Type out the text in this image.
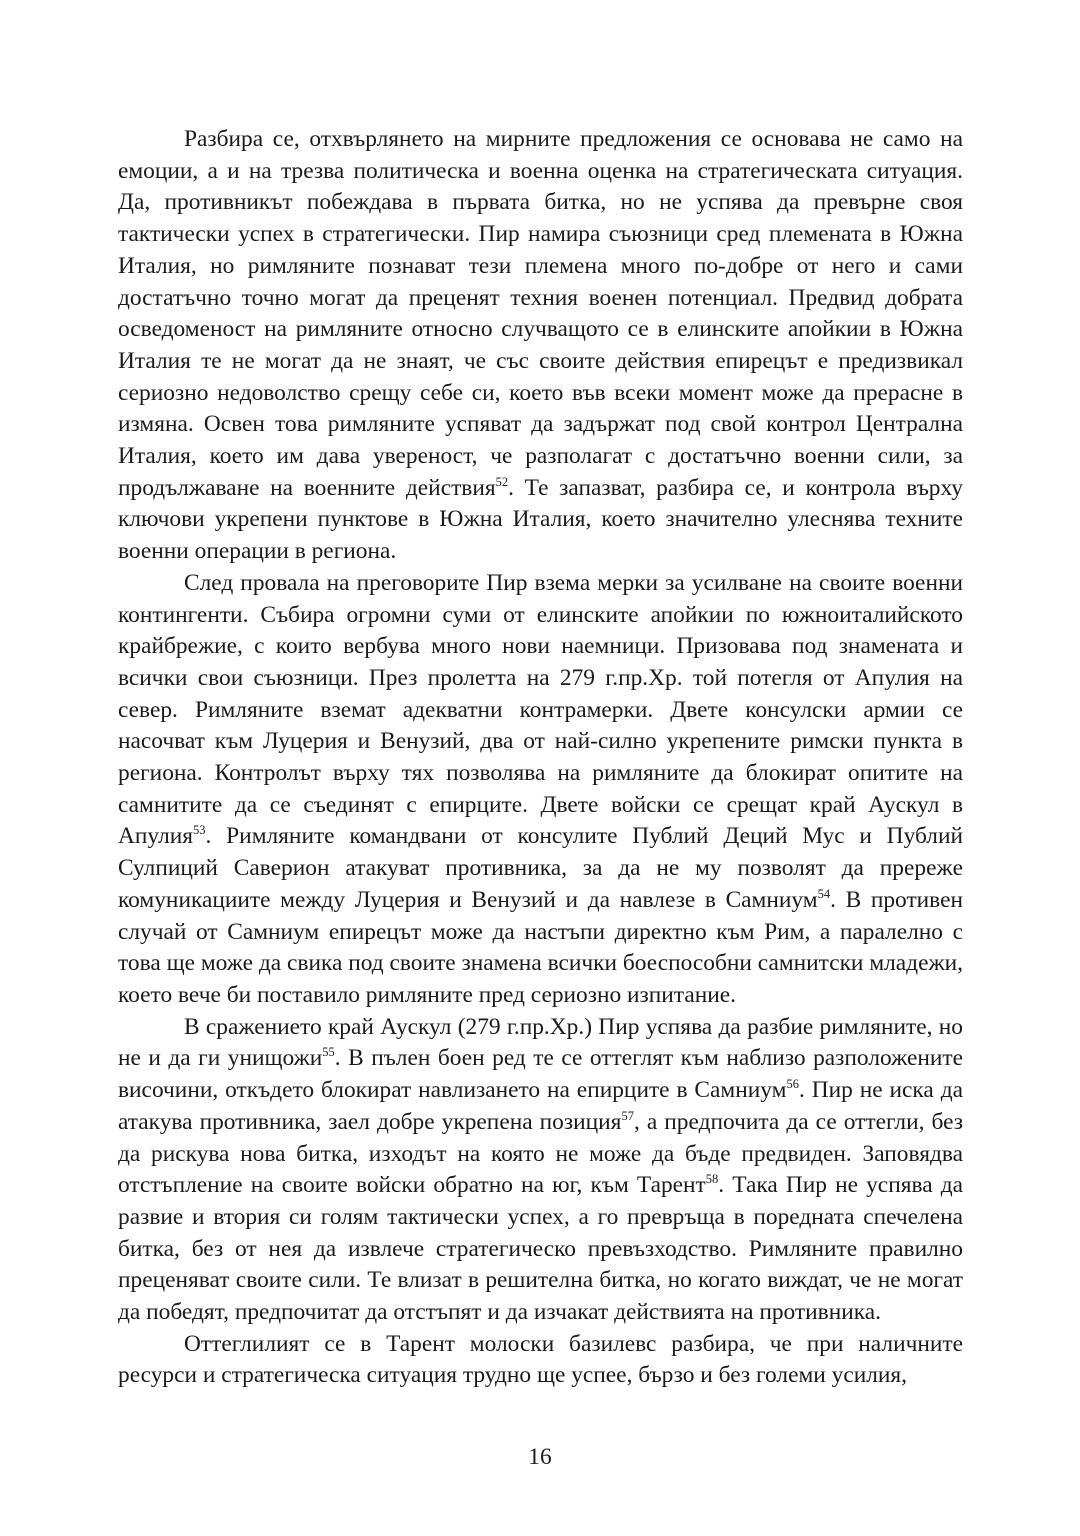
Разбира се, отхвърлянето на мирните предложения се основава не само на емоции, а и на трезва политическа и военна оценка на стратегическата ситуация. Да, противникът побеждава в първата битка, но не успява да превърне своя тактически успех в стратегически. Пир намира съюзници сред племената в Южна Италия, но римляните познават тези племена много по-добре от него и сами достатъчно точно могат да преценят техния военен потенциал. Предвид добрата осведоменост на римляните относно случващото се в елинските апойкии в Южна Италия те не могат да не знаят, че със своите действия епирецът е предизвикал сериозно недоволство срещу себе си, което във всеки момент може да прерасне в измяна. Освен това римляните успяват да задържат под свой контрол Централна Италия, което им дава увереност, че разполагат с достатъчно военни сили, за продължаване на военните действия$^{52}$. Те запазват, разбира се, и контрола върху ключови укрепени пунктове в Южна Италия, което значително улеснява техните военни операции в региона.

След провала на преговорите Пир взема мерки за усилване на своите военни контингенти. Събира огромни суми от елинските апойкии по южноиталийското крайбрежие, с които вербува много нови наемници. Призовава под знамената и всички свои съюзници. През пролетта на 279 г.пр.Хр. той потегля от Апулия на север. Римляните вземат адекватни контрамерки. Двете консулски армии се насочват към Луцерия и Венузий, два от най-силно укрепените римски пункта в региона. Контролът върху тях позволява на римляните да блокират опитите на самнитите да се съединят с епирците. Двете войски се срещат край Аускул в Апулия$^{53}$. Римляните командвани от консулите Публий Деций Мус и Публий Сулпиций Саверион атакуват противника, за да не му позволят да прережe комуникациите между Луцерия и Венузий и да навлезе в Самниум$^{54}$. В противен случай от Самниум епирецът може да настъпи директно към Рим, а паралелно с това ще може да свика под своите знамена всички боеспособни самнитски младежи, което вече би поставило римляните пред сериозно изпитание.

В сражението край Аускул (279 г.пр.Хр.) Пир успява да разбие римляните, но не и да ги унищожи$^{55}$. В пълен боен ред те се оттеглят към наблизо разположените височини, откъдето блокират навлизането на епирците в Самниум$^{56}$. Пир не иска да атакува противника, заел добре укрепена позиция$^{57}$, а предпочита да се оттегли, без да рискува нова битка, изходът на която не може да бъде предвиден. Заповядва отстъпление на своите войски обратно на юг, към Тарент$^{58}$. Така Пир не успява да развие и втория си голям тактически успех, а го превръща в поредната спечелена битка, без от нея да извлече стратегическо превъзходство. Римляните правилно преценяват своите сили. Те влизат в решителна битка, но когато виждат, че не могат да победят, предпочитат да отстъпят и да изчакат действията на противника.

Оттеглилият се в Тарент молоски базилевс разбира, че при наличните ресурси и стратегическа ситуация трудно ще успее, бързо и без големи усилия,

16
